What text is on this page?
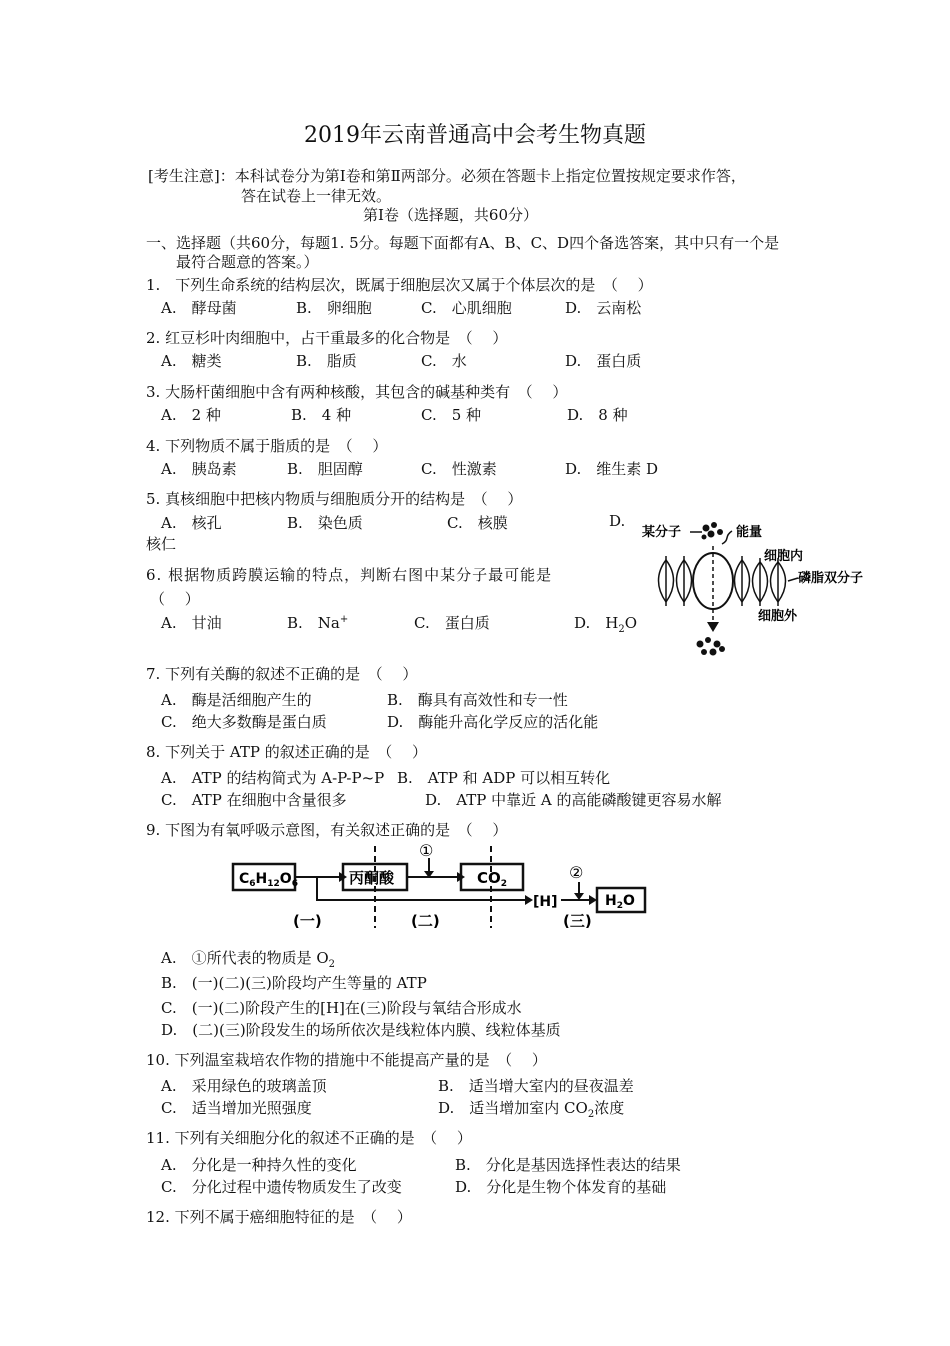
2019年云南普通高中会考生物真题
[考生注意]：本科试卷分为第Ⅰ卷和第Ⅱ两部分。必须在答题卡上指定位置按规定要求作答，
答在试卷上一律无效。
第Ⅰ卷（选择题，共60分）
一、选择题（共60分，每题1. 5分。每题下面都有A、B、C、D四个备选答案，其中只有一个是
最符合题意的答案。）
1.　下列生命系统的结构层次，既属于细胞层次又属于个体层次的是　（　 ）
A.　酵母菌	B.　卵细胞	C.　心肌细胞	D.　云南松
2. 红豆杉叶肉细胞中，占干重最多的化合物是　（　 ）
A.　糖类	B.　脂质	C.　水	D.　蛋白质
3. 大肠杆菌细胞中含有两种核酸，其包含的碱基种类有　（　 ）
A.　2 种	B.　4 种	C.　5 种	D.　8 种
4. 下列物质不属于脂质的是　（　 ）
A.　胰岛素	B.　胆固醇	C.　性激素	D.　维生素 D
5. 真核细胞中把核内物质与细胞质分开的结构是　（　 ）
A.　核孔	B.　染色质	C.　核膜	D.
核仁
6. 根据物质跨膜运输的特点，判断右图中某分子最可能是
（　 ）
A.　甘油	B.　Na+	C.　蛋白质	D.　$H_2O$
某分子	能量
细胞内
磷脂双分子
细胞外
7. 下列有关酶的叙述不正确的是　（　 ）
A.　酶是活细胞产生的	B.　酶具有高效性和专一性
C.　绝大多数酶是蛋白质	D.　酶能升高化学反应的活化能
8. 下列关于 ATP 的叙述正确的是　（　 ）
A.　ATP 的结构简式为 A-P-P~P B.　ATP 和 ADP 可以相互转化
C.　ATP 在细胞中含量很多	D.　ATP 中靠近 A 的高能磷酸键更容易水解
9. 下图为有氧呼吸示意图，有关叙述正确的是　（　 ）
$C_6H_{12}O_6$	丙酮酸	$CO_2$
$H_2O$
[H]
①
②
(一)	(二)	(三)
A.　①所代表的物质是 $O_2$
B.　(一)(二)(三)阶段均产生等量的 ATP
C.　(一)(二)阶段产生的[H]在(三)阶段与氧结合形成水
D.　(二)(三)阶段发生的场所依次是线粒体内膜、线粒体基质
10. 下列温室栽培农作物的措施中不能提高产量的是　（　 ）
A.　采用绿色的玻璃盖顶	B.　适当增大室内的昼夜温差
C.　适当增加光照强度	D.　适当增加室内 $CO_2$浓度
11. 下列有关细胞分化的叙述不正确的是　（　 ）
A.　分化是一种持久性的变化	B.　分化是基因选择性表达的结果
C.　分化过程中遗传物质发生了改变	D.　分化是生物个体发育的基础
12. 下列不属于癌细胞特征的是　（　 ）
